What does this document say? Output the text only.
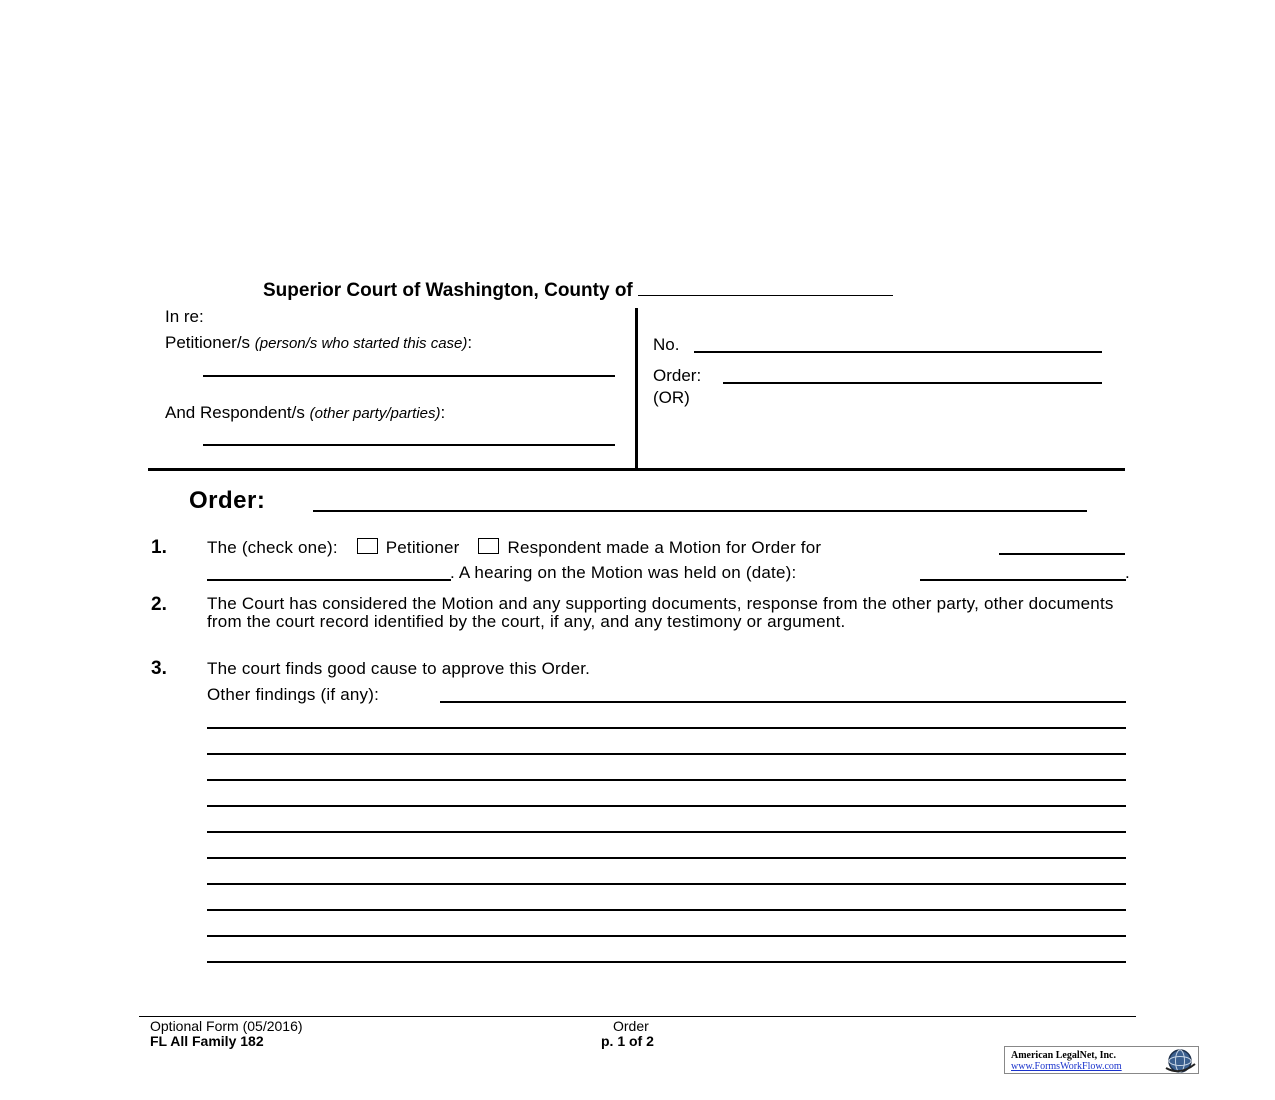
Superior Court of Washington, County of
In re:
Petitioner/s (person/s who started this case):
And Respondent/s (other party/parties):
No.
Order:
(OR)
Order:
1. The (check one):	Petitioner	Respondent made a Motion for Order for
. A hearing on the Motion was held on (date):	.
2. The Court has considered the Motion and any supporting documents, response from the other party, other documents from the court record identified by the court, if any, and any testimony or argument.
3. The court finds good cause to approve this Order.
Other findings (if any):
Optional Form (05/2016)
FL All Family 182
Order
p. 1 of 2
American LegalNet, Inc.
www.FormsWorkFlow.com
